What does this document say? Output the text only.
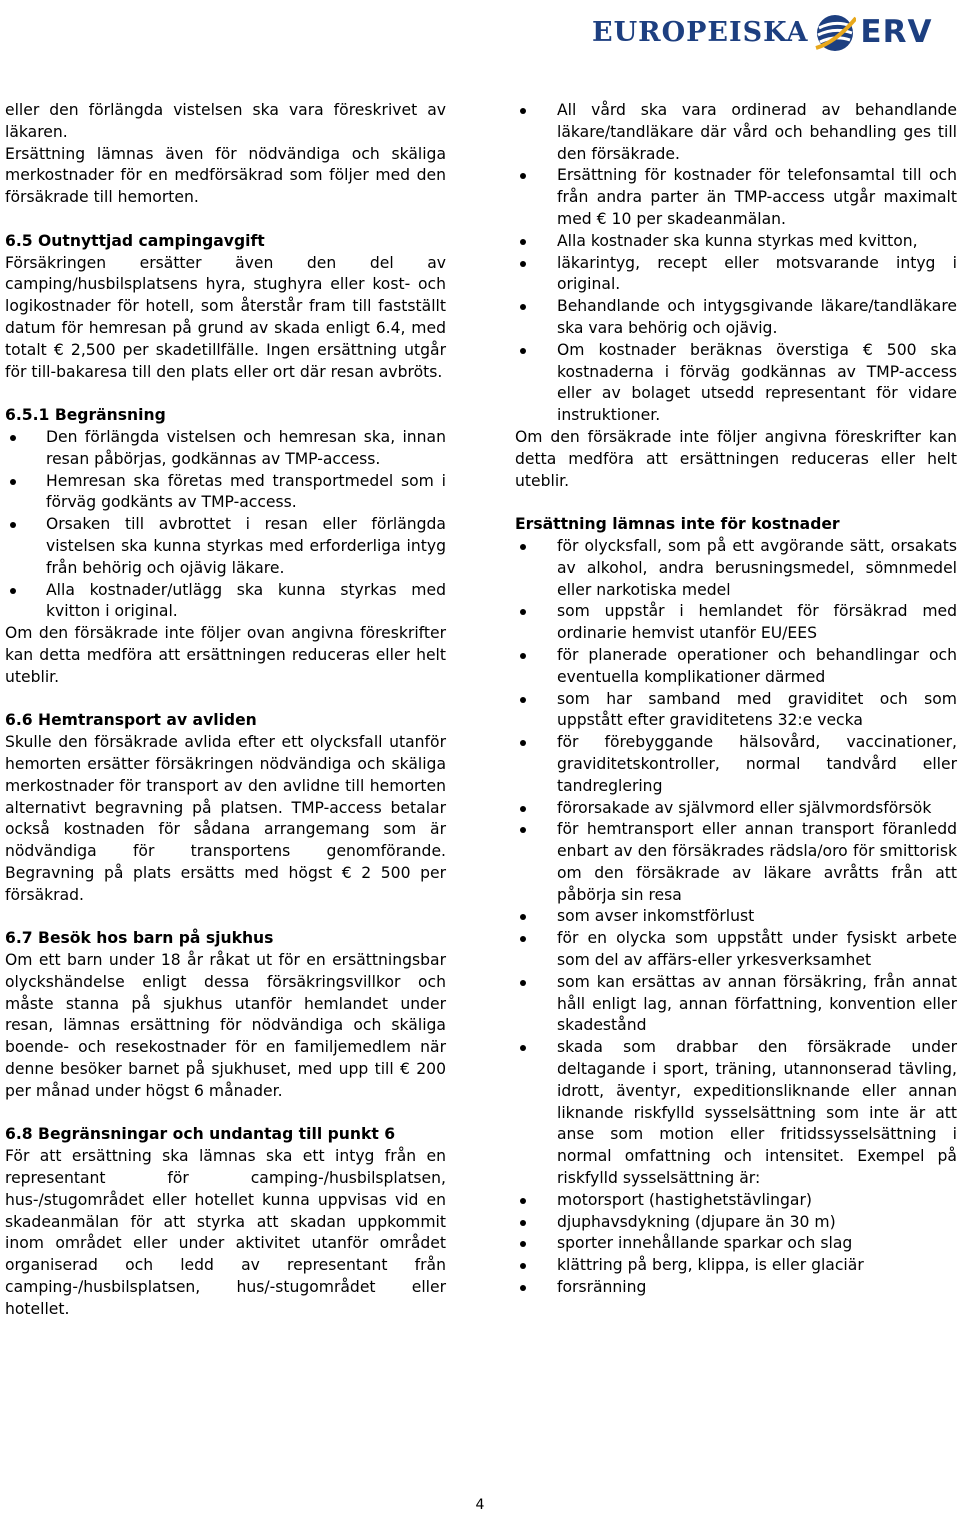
EUROPEISKA ERV

eller den förlängda vistelsen ska vara föreskrivet av läkaren.

Ersättning lämnas även för nödvändiga och skäliga merkostnader för en medförsäkrad som följer med den försäkrade till hemorten.

6.5 Outnyttjad campingavgift

Försäkringen ersätter även den del av camping/husbilsplatsens hyra, stughyra eller kost- och logikostnader för hotell, som återstår fram till fastställt datum för hemresan på grund av skada enligt 6.4, med totalt € 2,500 per skadetillfälle. Ingen ersättning utgår för till-bakaresa till den plats eller ort där resan avbröts.

6.5.1 Begränsning
Den förlängda vistelsen och hemresan ska, innan resan påbörjas, godkännas av TMP-access.
Hemresan ska företas med transportmedel som i förväg godkänts av TMP-access.
Orsaken till avbrottet i resan eller förlängda vistelsen ska kunna styrkas med erforderliga intyg från behörig och ojävig läkare.
Alla kostnader/utlägg ska kunna styrkas med kvitton i original.

Om den försäkrade inte följer ovan angivna föreskrifter kan detta medföra att ersättningen reduceras eller helt uteblir.

6.6 Hemtransport av avliden

Skulle den försäkrade avlida efter ett olycksfall utanför hemorten ersätter försäkringen nödvändiga och skäliga merkostnader för transport av den avlidne till hemorten alternativt begravning på platsen. TMP-access betalar också kostnaden för sådana arrangemang som är nödvändiga för transportens genomförande. Begravning på plats ersätts med högst € 2 500 per försäkrad.

6.7 Besök hos barn på sjukhus

Om ett barn under 18 år råkat ut för en ersättningsbar olyckshändelse enligt dessa försäkringsvillkor och måste stanna på sjukhus utanför hemlandet under resan, lämnas ersättning för nödvändiga och skäliga boende- och resekostnader för en familjemedlem när denne besöker barnet på sjukhuset, med upp till € 200 per månad under högst 6 månader.

6.8 Begränsningar och undantag till punkt 6

För att ersättning ska lämnas ska ett intyg från en representant för camping-/husbilsplatsen, hus-/stugområdet eller hotellet kunna uppvisas vid en skadeanmälan för att styrka att skadan uppkommit inom området eller under aktivitet utanför området organiserad och ledd av representant från camping-/husbilsplatsen, hus/-stugområdet eller hotellet.

All vård ska vara ordinerad av behandlande läkare/tandläkare där vård och behandling ges till den försäkrade.
Ersättning för kostnader för telefonsamtal till och från andra parter än TMP-access utgår maximalt med € 10 per skadeanmälan.
Alla kostnader ska kunna styrkas med kvitton,
läkarintyg, recept eller motsvarande intyg i original.
Behandlande och intygsgivande läkare/tandläkare ska vara behörig och ojävig.
Om kostnader beräknas överstiga € 500 ska kostnaderna i förväg godkännas av TMP-access eller av bolaget utsedd representant för vidare instruktioner.

Om den försäkrade inte följer angivna föreskrifter kan detta medföra att ersättningen reduceras eller helt uteblir.

Ersättning lämnas inte för kostnader
för olycksfall, som på ett avgörande sätt, orsakats av alkohol, andra berusningsmedel, sömnmedel eller narkotiska medel
som uppstår i hemlandet för försäkrad med ordinarie hemvist utanför EU/EES
för planerade operationer och behandlingar och eventuella komplikationer därmed
som har samband med graviditet och som uppstått efter graviditetens 32:e vecka
för förebyggande hälsovård, vaccinationer, graviditetskontroller, normal tandvård eller tandreglering
förorsakade av självmord eller självmordsförsök
för hemtransport eller annan transport föranledd enbart av den försäkrades rädsla/oro för smittorisk om den försäkrade av läkare avråtts från att påbörja sin resa
som avser inkomstförlust
för en olycka som uppstått under fysiskt arbete som del av affärs-eller yrkesverksamhet
som kan ersättas av annan försäkring, från annat håll enligt lag, annan författning, konvention eller skadestånd
skada som drabbar den försäkrade under deltagande i sport, träning, utannonserad tävling, idrott, äventyr, expeditionsliknande eller annan liknande riskfylld sysselsättning som inte är att anse som motion eller fritidssysselsättning i normal omfattning och intensitet. Exempel på riskfylld sysselsättning är:
motorsport (hastighetstävlingar)
djuphavsdykning (djupare än 30 m)
sporter innehållande sparkar och slag
klättring på berg, klippa, is eller glaciär
forsränning
4
